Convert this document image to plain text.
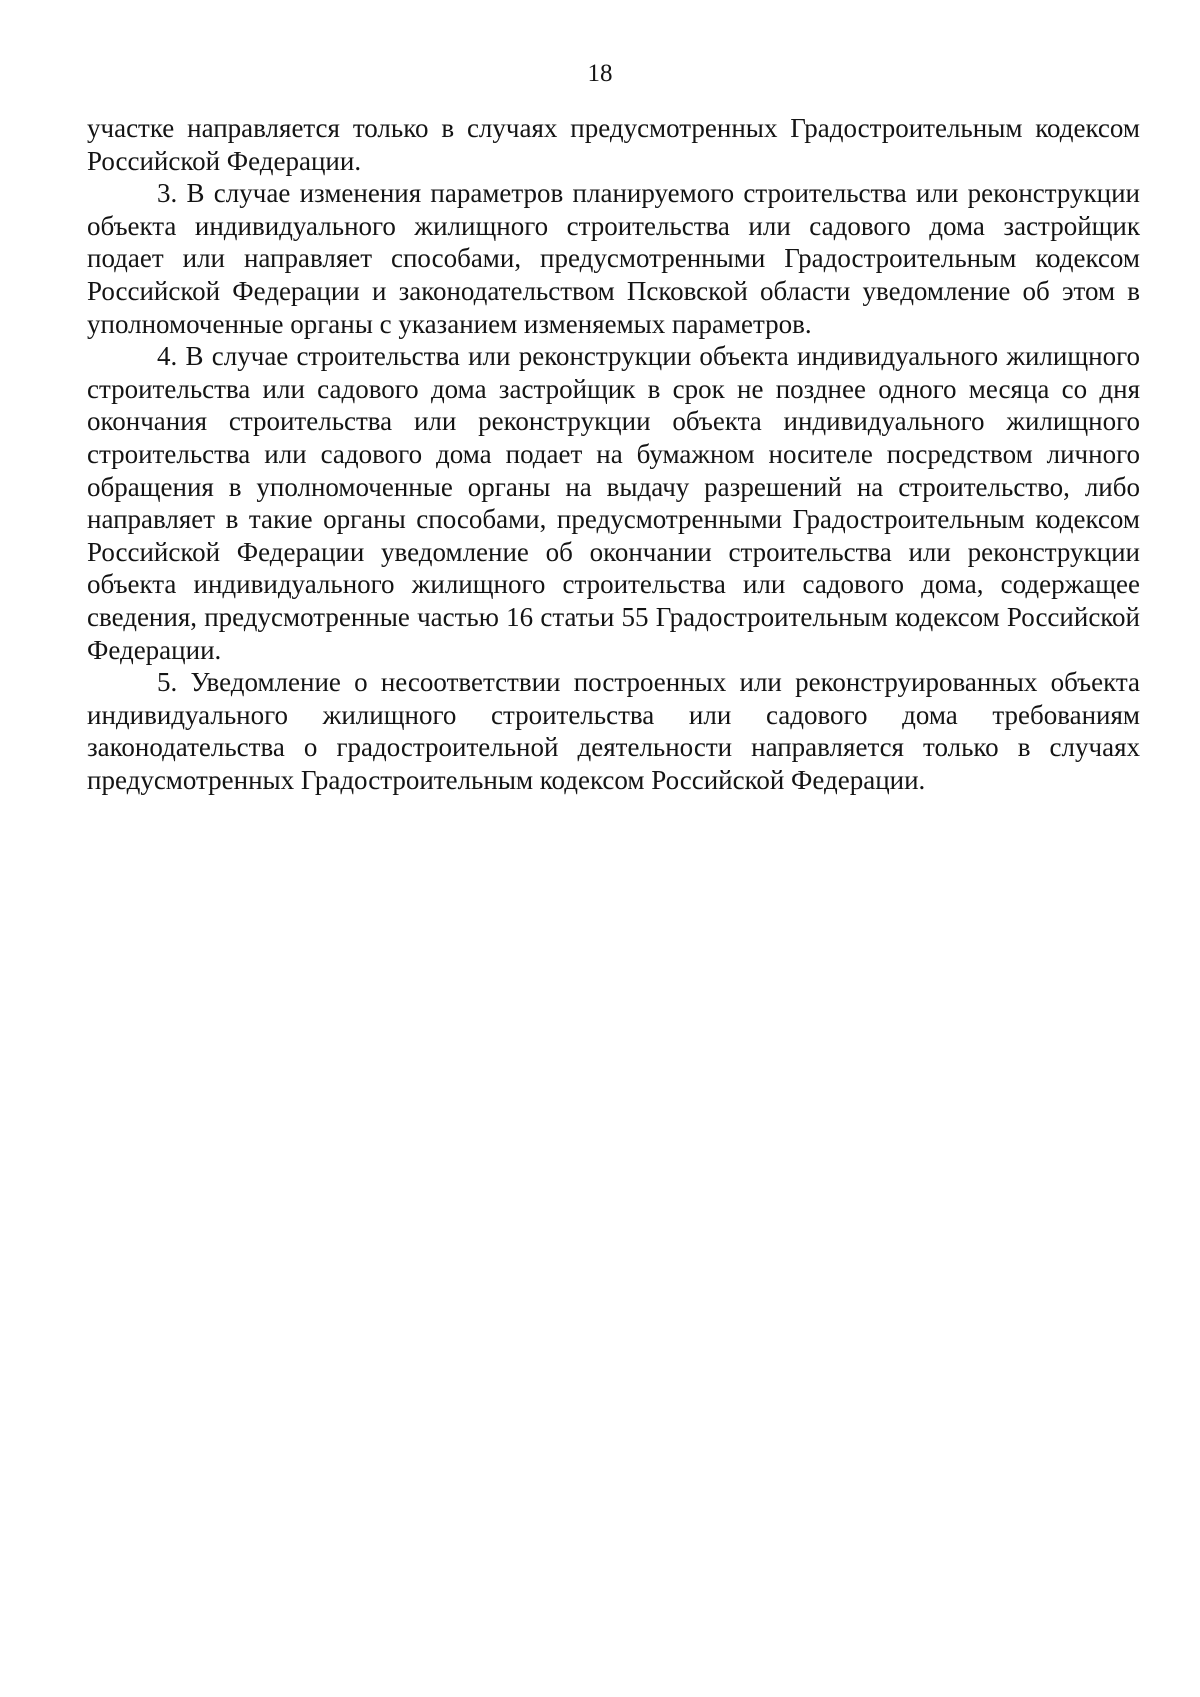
18

участке направляется только в случаях предусмотренных Градостроительным кодексом Российской Федерации.

3. В случае изменения параметров планируемого строительства или реконструкции объекта индивидуального жилищного строительства или садового дома застройщик подает или направляет способами, предусмотренными Градостроительным кодексом Российской Федерации и законодательством Псковской области уведомление об этом в уполномоченные органы с указанием изменяемых параметров.

4. В случае строительства или реконструкции объекта индивидуального жилищного строительства или садового дома застройщик в срок не позднее одного месяца со дня окончания строительства или реконструкции объекта индивидуального жилищного строительства или садового дома подает на бумажном носителе посредством личного обращения в уполномоченные органы на выдачу разрешений на строительство, либо направляет в такие органы способами, предусмотренными Градостроительным кодексом Российской Федерации уведомление об окончании строительства или реконструкции объекта индивидуального жилищного строительства или садового дома, содержащее сведения, предусмотренные частью 16 статьи 55 Градостроительным кодексом Российской Федерации.

5. Уведомление о несоответствии построенных или реконструированных объекта индивидуального жилищного строительства или садового дома требованиям законодательства о градостроительной деятельности направляется только в случаях предусмотренных Градостроительным кодексом Российской Федерации.
